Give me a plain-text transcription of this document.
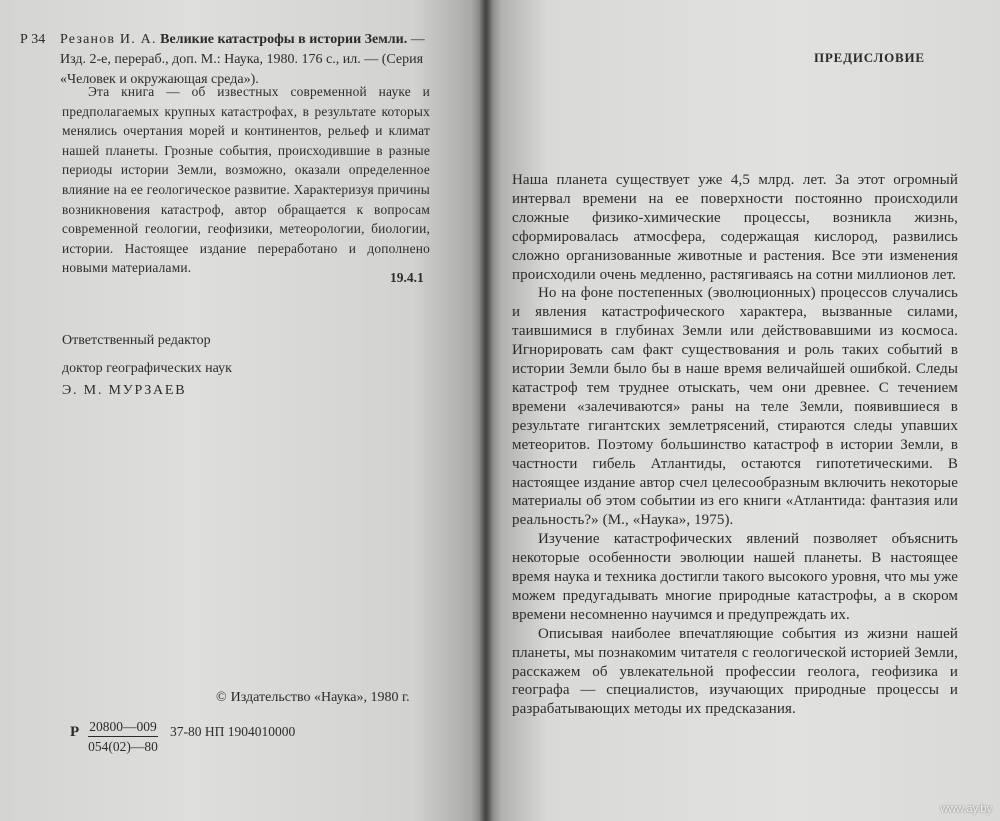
Р 34 Резанов И. А. Великие катастрофы в истории Земли. — Изд. 2-е, перераб., доп. М.: Наука, 1980. 176 с., ил. — (Серия «Человек и окружающая среда»).
Эта книга — об известных современной науке и предполагаемых крупных катастрофах, в результате которых менялись очертания морей и континентов, рельеф и климат нашей планеты. Грозные события, происходившие в разные периоды истории Земли, возможно, оказали определенное влияние на ее геологическое развитие. Характеризуя причины возникновения катастроф, автор обращается к вопросам современной геологии, геофизики, метеорологии, биологии, истории. Настоящее издание переработано и дополнено новыми материалами.
19.4.1
Ответственный редактор
доктор географических наук
Э. М. МУРЗАЕВ
© Издательство «Наука», 1980 г.
Р $\frac{20800—009}{054(02)—80} 37-80$ НП 1904010000
ПРЕДИСЛОВИЕ

Наша планета существует уже 4,5 млрд. лет. За этот огромный интервал времени на ее поверхности постоянно происходили сложные физико-химические процессы, возникла жизнь, сформировалась атмосфера, содержащая кислород, развились сложно организованные животные и растения. Все эти изменения происходили очень медленно, растягиваясь на сотни миллионов лет.

Но на фоне постепенных (эволюционных) процессов случались и явления катастрофического характера, вызванные силами, таившимися в глубинах Земли или действовавшими из космоса. Игнорировать сам факт существования и роль таких событий в истории Земли было бы в наше время величайшей ошибкой. Следы катастроф тем труднее отыскать, чем они древнее. С течением времени «залечиваются» раны на теле Земли, появившиеся в результате гигантских землетрясений, стираются следы упавших метеоритов. Поэтому большинство катастроф в истории Земли, в частности гибель Атлантиды, остаются гипотетическими. В настоящее издание автор счел целесообразным включить некоторые материалы об этом событии из его книги «Атлантида: фантазия или реальность?» (М., «Наука», 1975).

Изучение катастрофических явлений позволяет объяснить некоторые особенности эволюции нашей планеты. В настоящее время наука и техника достигли такого высокого уровня, что мы уже можем предугадывать многие природные катастрофы, а в скором времени несомненно научимся и предупреждать их.

Описывая наиболее впечатляющие события из жизни нашей планеты, мы познакомим читателя с геологической историей Земли, расскажем об увлекательной профессии геолога, геофизика и географа — специалистов, изучающих природные процессы и разрабатывающих методы их предсказания.

www.ay.by
